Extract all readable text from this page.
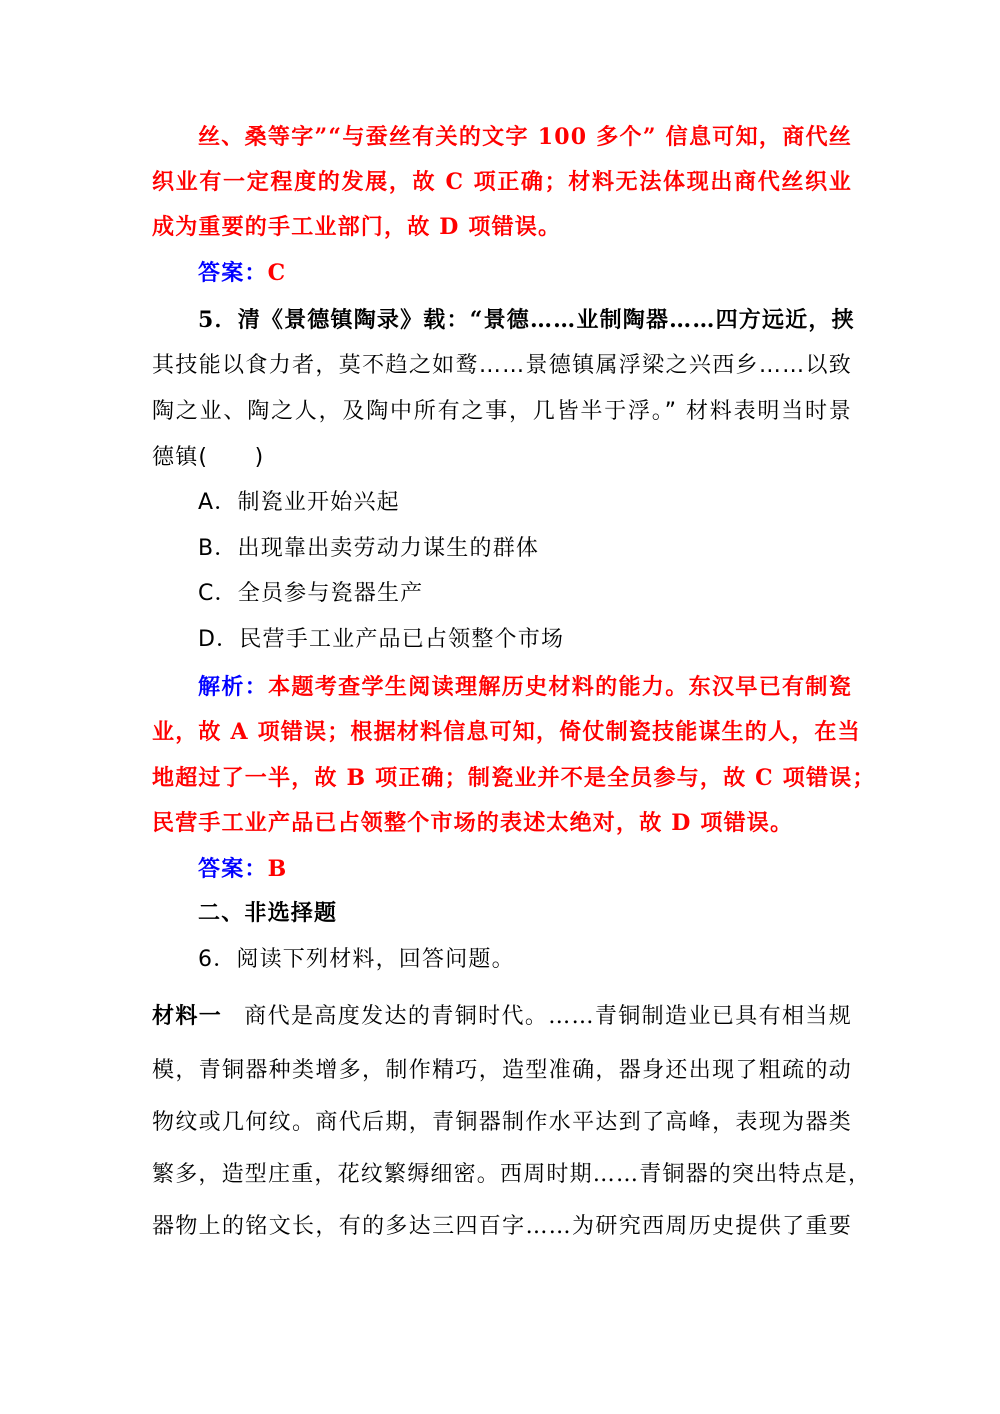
丝、桑等字”“与蚕丝有关的文字 100 多个” 信息可知，商代丝
织业有一定程度的发展，故 C 项正确；材料无法体现出商代丝织业
成为重要的手工业部门，故 D 项错误。
答案：C
5．清《景德镇陶录》载：“景德……业制陶器……四方远近，挟
其技能以食力者，莫不趋之如鹜……景德镇属浮梁之兴西乡……以致
陶之业、陶之人，及陶中所有之事，几皆半于浮。” 材料表明当时景
德镇(　　)
A．制瓷业开始兴起
B．出现靠出卖劳动力谋生的群体
C．全员参与瓷器生产
D．民营手工业产品已占领整个市场
解析：本题考查学生阅读理解历史材料的能力。东汉早已有制瓷
业，故 A 项错误；根据材料信息可知，倚仗制瓷技能谋生的人，在当
地超过了一半，故 B 项正确；制瓷业并不是全员参与，故 C 项错误；
民营手工业产品已占领整个市场的表述太绝对，故 D 项错误。
答案：B
二、非选择题
6．阅读下列材料，回答问题。
材料一 商代是高度发达的青铜时代。……青铜制造业已具有相当规
模，青铜器种类增多，制作精巧，造型准确，器身还出现了粗疏的动
物纹或几何纹。商代后期，青铜器制作水平达到了高峰，表现为器类
繁多，造型庄重，花纹繁缛细密。西周时期……青铜器的突出特点是，
器物上的铭文长，有的多达三四百字……为研究西周历史提供了重要
